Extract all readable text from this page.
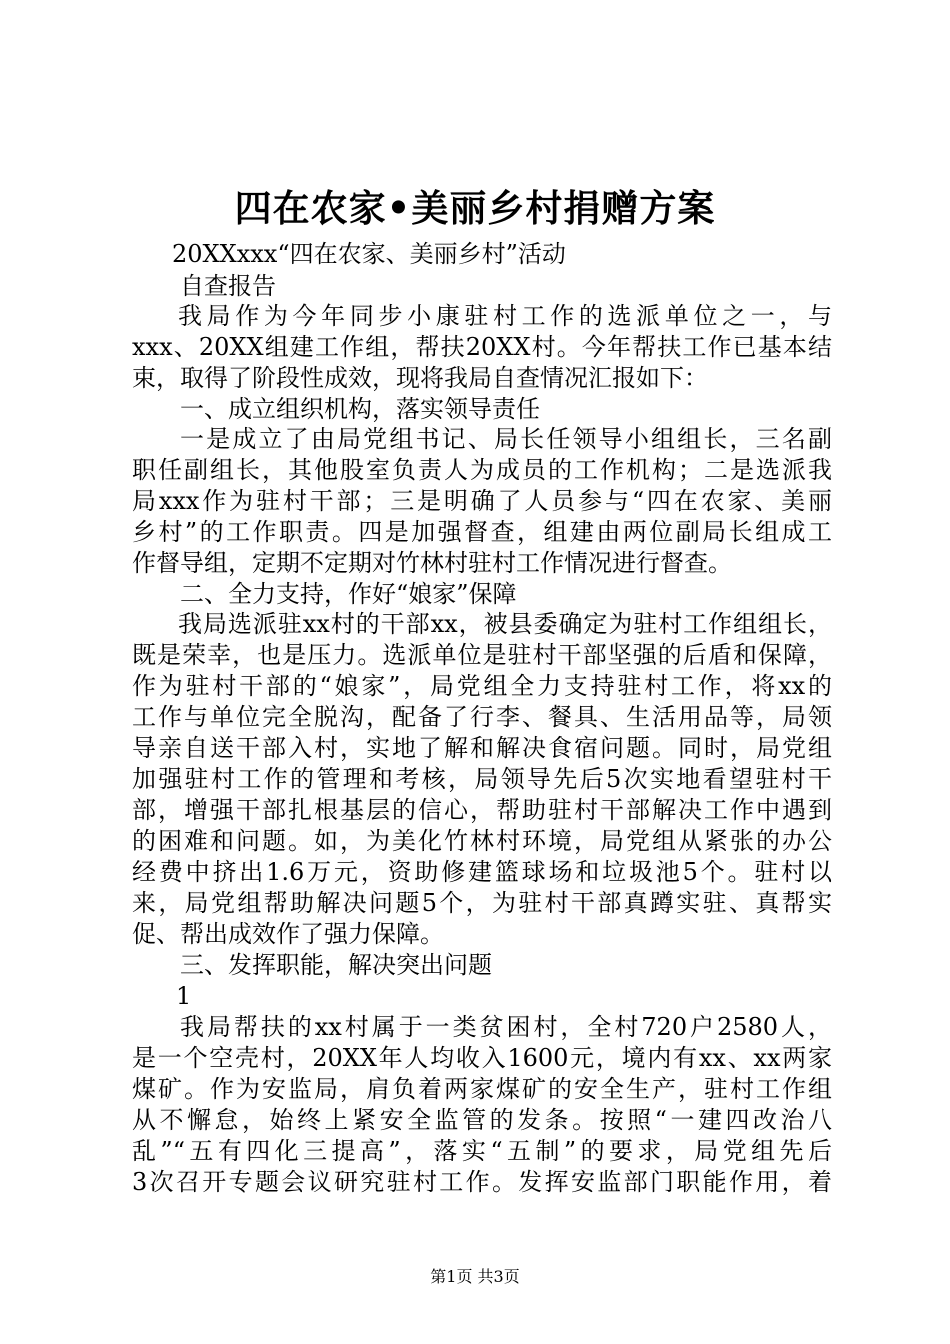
四在农家•美丽乡村捐赠方案
20XXxxx“四在农家、美丽乡村”活动
自查报告
我局作为今年同步小康驻村工作的选派单位之一，与
xxx、20XX组建工作组，帮扶20XX村。今年帮扶工作已基本结
束，取得了阶段性成效，现将我局自查情况汇报如下：
一、成立组织机构，落实领导责任
一是成立了由局党组书记、局长任领导小组组长，三名副
职任副组长，其他股室负责人为成员的工作机构；二是选派我
局xxx作为驻村干部；三是明确了人员参与“四在农家、美丽
乡村”的工作职责。四是加强督查，组建由两位副局长组成工
作督导组，定期不定期对竹林村驻村工作情况进行督查。
二、全力支持，作好“娘家”保障
我局选派驻xx村的干部xx，被县委确定为驻村工作组组长，
既是荣幸，也是压力。选派单位是驻村干部坚强的后盾和保障，
作为驻村干部的“娘家”，局党组全力支持驻村工作，将xx的
工作与单位完全脱沟，配备了行李、餐具、生活用品等，局领
导亲自送干部入村，实地了解和解决食宿问题。同时，局党组
加强驻村工作的管理和考核，局领导先后5次实地看望驻村干
部，增强干部扎根基层的信心，帮助驻村干部解决工作中遇到
的困难和问题。如，为美化竹林村环境，局党组从紧张的办公
经费中挤出1.6万元，资助修建篮球场和垃圾池5个。驻村以
来，局党组帮助解决问题5个，为驻村干部真蹲实驻、真帮实
促、帮出成效作了强力保障。
三、发挥职能，解决突出问题
1
我局帮扶的xx村属于一类贫困村，全村720户2580人，
是一个空壳村，20XX年人均收入1600元，境内有xx、xx两家
煤矿。作为安监局，肩负着两家煤矿的安全生产，驻村工作组
从不懈怠，始终上紧安全监管的发条。按照“一建四改治八
乱”“五有四化三提高”，落实“五制”的要求，局党组先后
3次召开专题会议研究驻村工作。发挥安监部门职能作用，着
第1页 共3页
